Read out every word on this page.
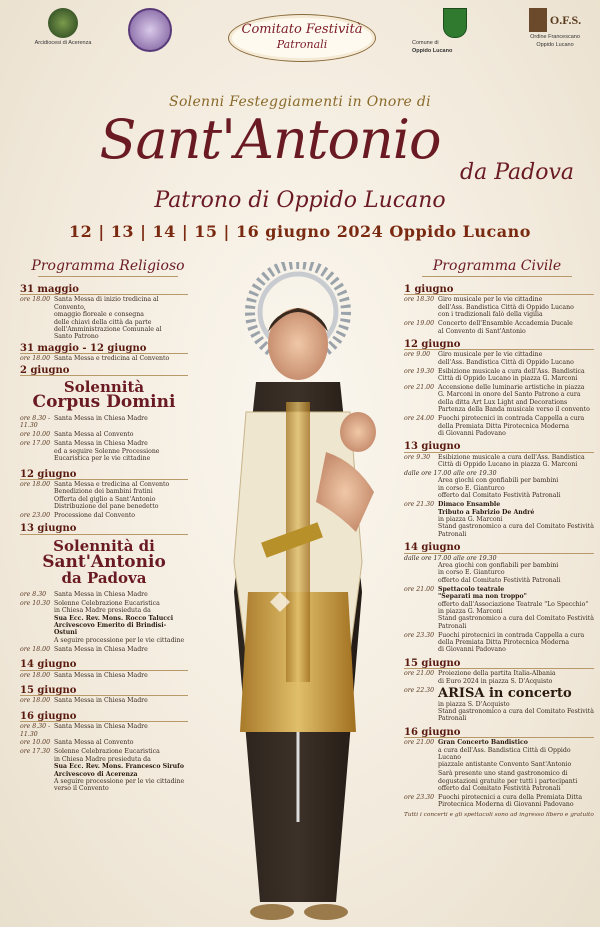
Arcidiocesi di Acerenza
Comitato Festività
Patronali	Comune di
Oppido Lucano
O.F.S.
Ordine Francescano
Oppido Lucano
Solenni Festeggiamenti in Onore di
Sant'Antonio
da Padova
Patrono di Oppido Lucano
12 | 13 | 14 | 15 | 16 giugno 2024 Oppido Lucano
Programma Religioso	Programma Civile
31 maggio
ore 18.00 Santa Messa di inizio tredicina al Convento,
omaggio floreale e consegna
delle chiavi della città da parte
dell'Amministrazione Comunale al
Santo Patrono
31 maggio - 12 giugno
ore 18.00 Santa Messa e tredicina al Convento
2 giugno
Solennità
Corpus Domini
ore 8.30 - 11.30
Santa Messa in Chiesa Madre
ore 10.00 Santa Messa al Convento
ore 17.00 Santa Messa in Chiesa Madre
ed a seguire Solenne Processione
Eucaristica per le vie cittadine
12 giugno
ore 18.00 Santa Messa e tredicina al Convento
Benedizione dei bambini fratini
Offerta del giglio a Sant'Antonio
Distribuzione del pane benedetto
ore 23.00 Processione dal Convento
13 giugno
Solennità di
Sant'Antonio
da Padova
ore 8.30	Santa Messa in Chiesa Madre
ore 10.30 Solenne Celebrazione Eucaristica
in Chiesa Madre presieduta da
Sua Ecc. Rev. Mons. Rocco Talucci
Arcivescovo Emerito di Brindisi-Ostuni
A seguire processione per le vie cittadine
ore 18.00 Santa Messa in Chiesa Madre
14 giugno
ore 18.00 Santa Messa in Chiesa Madre
15 giugno
ore 18.00 Santa Messa in Chiesa Madre
16 giugno
ore 8.30 - 11.30
Santa Messa in Chiesa Madre
ore 10.00 Santa Messa al Convento
ore 17.30 Solenne Celebrazione Eucaristica
in Chiesa Madre presieduta da
Sua Ecc. Rev. Mons. Francesco Sirufo
Arcivescovo di Acerenza
A seguire processione per le vie cittadine
verso il Convento
1 giugno
ore 18.30 Giro musicale per le vie cittadine
dell'Ass. Bandistica Città di Oppido Lucano
con i tradizionali falò della vigilia
ore 19.00 Concerto dell'Ensamble Accademia Ducale
al Convento di Sant'Antonio
12 giugno
ore 9.00	Giro musicale per le vie cittadine
dell'Ass. Bandistica Città di Oppido Lucano
ore 19.30 Esibizione musicale a cura dell'Ass. Bandistica
Città di Oppido Lucano in piazza G. Marconi
ore 21.00 Accensione delle luminarie artistiche in piazza
G. Marconi in onore del Santo Patrono a cura
della ditta Art Lux Light and Decorations
Partenza della Banda musicale verso il convento
ore 24.00 Fuochi pirotecnici in contrada Cappella a cura
della Premiata Ditta Pirotecnica Moderna
di Giovanni Padovano
13 giugno
ore 9.30	Esibizione musicale a cura dell'Ass. Bandistica
Città di Oppido Lucano in piazza G. Marconi
dalle ore 17.00 alle ore 19.30
Area giochi con gonfiabili per bambini
in corso E. Gianturco
offerto dal Comitato Festività Patronali
ore 21.30 Dimaco Ensamble
Tributo a Fabrizio De André
in piazza G. Marconi
Stand gastronomico a cura del Comitato Festività Patronali
14 giugno
dalle ore 17.00 alle ore 19.30
Area giochi con gonfiabili per bambini
in corso E. Gianturco
offerto dal Comitato Festività Patronali
ore 21.00 Spettacolo teatrale
"Separati ma non troppo"
offerto dall'Associazione Teatrale "Lo Specchio"
in piazza G. Marconi
Stand gastronomico a cura del Comitato Festività Patronali
ore 23.30 Fuochi pirotecnici in contrada Cappella a cura
della Premiata Ditta Pirotecnica Moderna
di Giovanni Padovano
15 giugno
ore 21.00 Proiezione della partita Italia-Albania
di Euro 2024 in piazza S. D'Acquisto
ore 22.30 ARISA in concerto
in piazza S. D'Acquisto
Stand gastronomico a cura del Comitato Festività Patronali
16 giugno
ore 21.00 Gran Concerto Bandistico
a cura dell'Ass. Bandistica Città di Oppido Lucano
piazzale antistante Convento Sant'Antonio
Sarà presente uno stand gastronomico di
degustazioni gratuite per tutti i partecipanti
offerto dal Comitato Festività Patronali
ore 23.30 Fuochi pirotecnici a cura della Premiata Ditta
Pirotecnica Moderna di Giovanni Padovano
Tutti i concerti e gli spettacoli sono ad ingresso libero e gratuito
